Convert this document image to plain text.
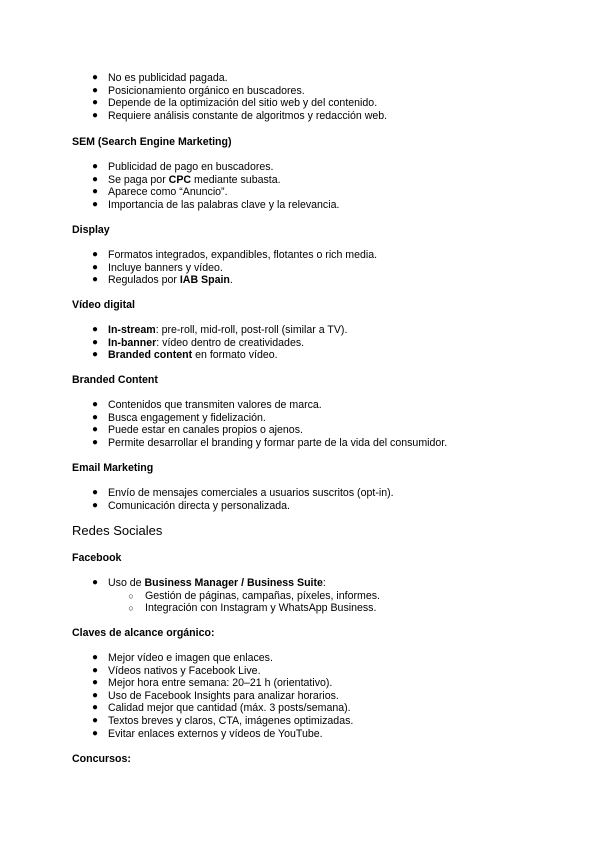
● No es publicidad pagada.
● Posicionamiento orgánico en buscadores.
● Depende de la optimización del sitio web y del contenido.
● Requiere análisis constante de algoritmos y redacción web.
SEM (Search Engine Marketing)
● Publicidad de pago en buscadores.
● Se paga por CPC mediante subasta.
● Aparece como “Anuncio”.
● Importancia de las palabras clave y la relevancia.
Display
● Formatos integrados, expandibles, flotantes o rich media.
● Incluye banners y vídeo.
● Regulados por IAB Spain.
Vídeo digital
● In-stream: pre-roll, mid-roll, post-roll (similar a TV).
● In-banner: vídeo dentro de creatividades.
● Branded content en formato vídeo.
Branded Content
● Contenidos que transmiten valores de marca.
● Busca engagement y fidelización.
● Puede estar en canales propios o ajenos.
● Permite desarrollar el branding y formar parte de la vida del consumidor.
Email Marketing
● Envío de mensajes comerciales a usuarios suscritos (opt-in).
● Comunicación directa y personalizada.
Redes Sociales
Facebook
● Uso de Business Manager / Business Suite:
○ Gestión de páginas, campañas, píxeles, informes.
○ Integración con Instagram y WhatsApp Business.
Claves de alcance orgánico:
● Mejor vídeo e imagen que enlaces.
● Vídeos nativos y Facebook Live.
● Mejor hora entre semana: 20–21 h (orientativo).
● Uso de Facebook Insights para analizar horarios.
● Calidad mejor que cantidad (máx. 3 posts/semana).
● Textos breves y claros, CTA, imágenes optimizadas.
● Evitar enlaces externos y vídeos de YouTube.
Concursos:
